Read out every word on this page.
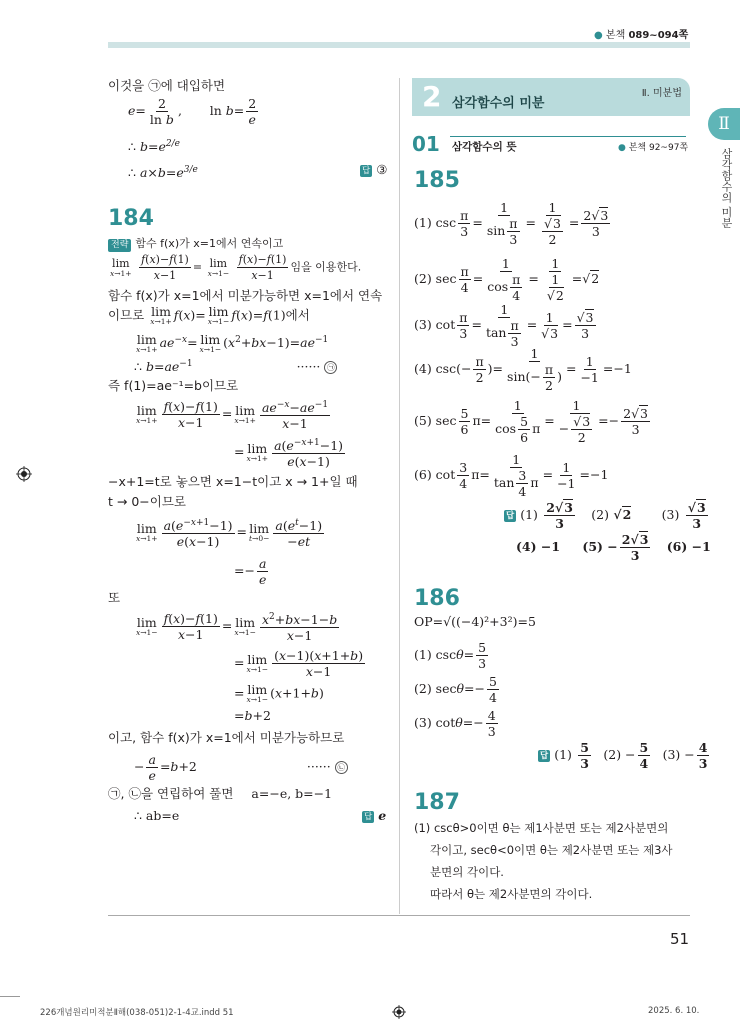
● 본책 089~094쪽
Ⅱ
삼각함수의 미분
이것을 ㉠에 대입하면
$e= \frac{2}{\text{ln b}}$ ,       $\ln b= \frac{2}{e}$
∴ $b=e^{2/e}$
∴ $a\times b=e^{3/e}$	답 ③
184
전략 함수 f(x)가 x=1에서 연속이고
lim
x→1+
$\frac{f(x)-f(1)}{x-1} = \lim$
x→1−
$\frac{f(x)-f(1)}{x-1}$ 임을 이용한다.
함수 f(x)가 x=1에서 미분가능하면 x=1에서 연속
이므로 lim
x→1+ f(x)= lim
x→1− f(x)=f(1)에서
lim
$x\to 1+ ae^{-x}= \lim$
$x\to 1- (x^2+bx-1)=ae^{-1}$
∴ $b=ae^{-1}$	······ ㉠
즉 f(1)=ae⁻¹=b이므로
lim
$x\to 1+ \frac{f(x)-f(1)}{x-1} = \lim$
$x\to 1+ \frac{ae^{-x}-ae^{-1}}{x-1}$
= lim
$x\to 1+ \frac{a(e^{-x+1}-1)}{e(x-1)}$
−x+1=t로 놓으면 x=1−t이고 x → 1+일 때
t → 0−이므로
lim
$x\to 1+ \frac{a(e^{-x+1}-1)}{e(x-1)} = \lim$
$t\to 0- \frac{a(e^t-1)}{-et}$
=− $\frac{a}{e}$
또
lim
$x\to 1- \frac{f(x)-f(1)}{x-1} = \lim$
$x\to 1- \frac{x^2+bx-1-b}{x-1}$
= lim
$x\to 1- \frac{(x-1)(x+1+b)}{x-1}$
= lim
x→1− (x+1+b)
=b+2
이고, 함수 f(x)가 x=1에서 미분가능하므로
− $\frac{a}{e} =b+2$	······ ㉡
㉠, ㉡을 연립하여 풀면 a=−e, b=−1
∴ ab=e	답 e
2 삼각함수의 미분
Ⅱ. 미분법
01 삼각함수의 뜻	● 본책 92~97쪽
185
(1) $\csc \frac{\pi}{3} = \frac{1}{\sin \frac{\pi}{3}} = \frac{1}{\frac{√3}{2}} = \frac{2√3}{3}$
(2) $\sec \frac{\pi}{4} = \frac{1}{\cos \frac{\pi}{4}} = \frac{1}{\frac{1}{√2}} =√2$
(3) $\cot \frac{\pi}{3} = \frac{1}{\tan \frac{\pi}{3}} = \frac{1}{√3} = \frac{√3}{3}$
(4) $\csc(- \frac{\pi}{2}$ )= $\frac{1}{\sin(- \frac{\pi}{2} )} = \frac{1}{-1} =-1$
(5) $\sec \frac{5}{6} \pi= \frac{1}{\cos \frac{5}{6} \pi} = \frac{1}{- \frac{√3}{2}} =- \frac{2√3}{3}$
(6) $\cot \frac{3}{4} \pi= \frac{1}{\tan \frac{3}{4} \pi} = \frac{1}{-1} =-1$
답 $(1) \frac{2√3}{3} (2)$ √2 $(3) \frac{√3}{3}$
(4) −1 $(5) - \frac{2√3}{3} (6) -1$
186
OP=√((−4)²+3²)=5
(1) $\csc\theta= \frac{5}{3}$
(2) $\sec\theta=- \frac{5}{4}$
(3) $\cot\theta=- \frac{4}{3}$
답 $(1) \frac{5}{3} (2) - \frac{5}{4} (3) - \frac{4}{3}$
187
(1) cscθ>0이면 θ는 제1사분면 또는 제2사분면의
각이고, secθ<0이면 θ는 제2사분면 또는 제3사
분면의 각이다.
따라서 θ는 제2사분면의 각이다.
51
226개념원리미적분Ⅱ해(038-051)2-1-4교.indd 51	2025. 6. 10.
